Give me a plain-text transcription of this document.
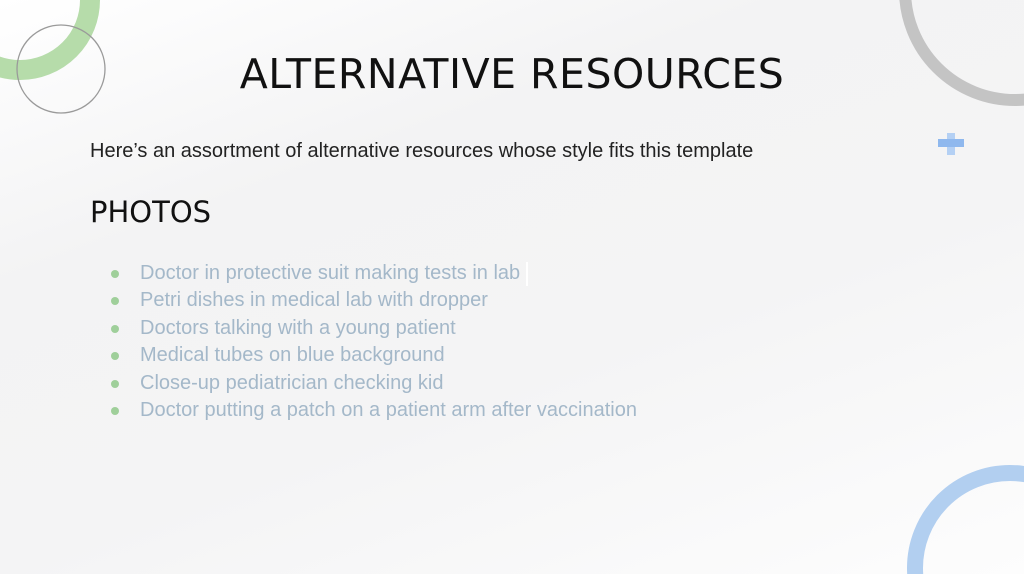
ALTERNATIVE RESOURCES

Here’s an assortment of alternative resources whose style fits this template

PHOTOS
Doctor in protective suit making tests in lab
Petri dishes in medical lab with dropper
Doctors talking with a young patient
Medical tubes on blue background
Close-up pediatrician checking kid
Doctor putting a patch on a patient arm after vaccination
